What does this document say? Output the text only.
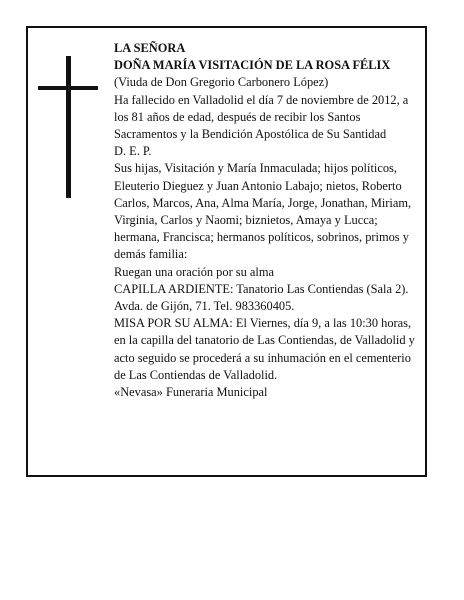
LA SEÑORA

DOÑA MARÍA VISITACIÓN DE LA ROSA FÉLIX

(Viuda de Don Gregorio Carbonero López)

Ha fallecido en Valladolid el día 7 de noviembre de 2012, a los 81 años de edad, después de recibir los Santos Sacramentos y la Bendición Apostólica de Su Santidad

D. E. P.

Sus hijas, Visitación y María Inmaculada; hijos políticos, Eleuterio Dieguez y Juan Antonio Labajo; nietos, Roberto Carlos, Marcos, Ana, Alma María, Jorge, Jonathan, Miriam, Virginia, Carlos y Naomi; biznietos, Amaya y Lucca; hermana, Francisca; hermanos políticos, sobrinos, primos y demás familia:

Ruegan una oración por su alma

CAPILLA ARDIENTE: Tanatorio Las Contiendas (Sala 2). Avda. de Gijón, 71. Tel. 983360405.

MISA POR SU ALMA: El Viernes, día 9, a las 10:30 horas, en la capilla del tanatorio de Las Contiendas, de Valladolid y acto seguido se procederá a su inhumación en el cementerio de Las Contiendas de Valladolid.

«Nevasa» Funeraria Municipal
